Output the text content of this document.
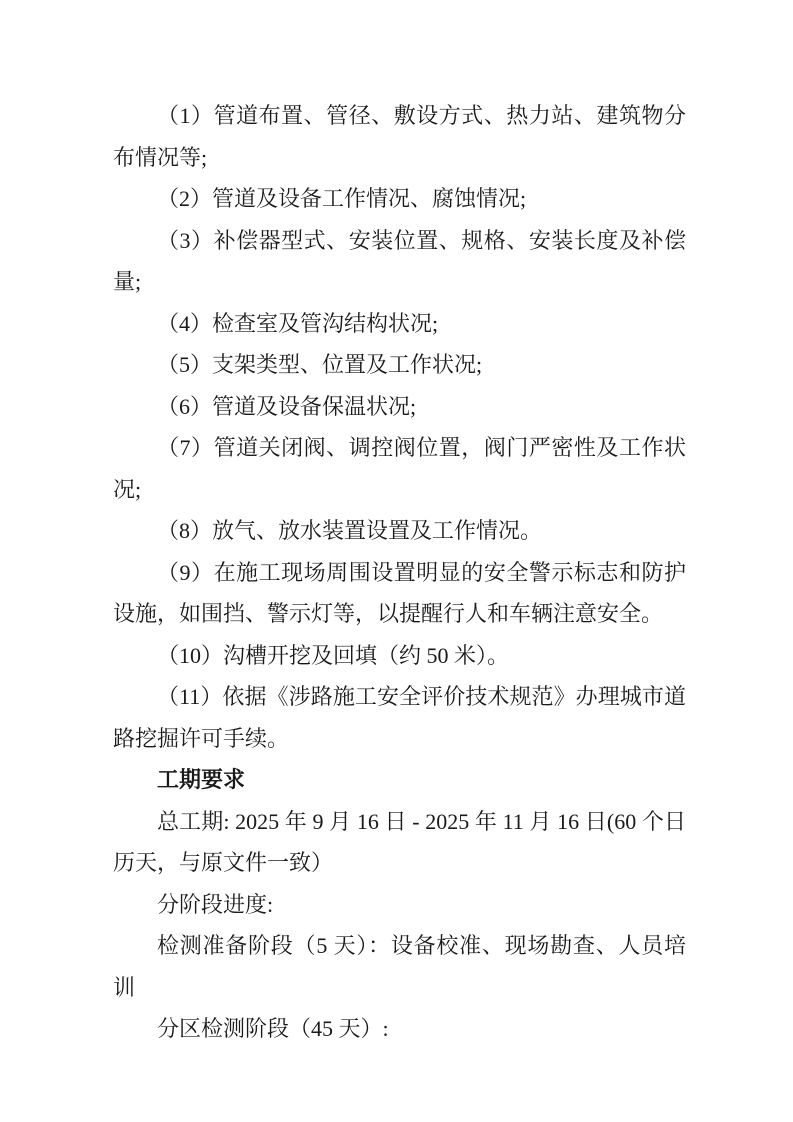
（1）管道布置、管径、敷设方式、热力站、建筑物分布情况等;

（2）管道及设备工作情况、腐蚀情况;

（3）补偿器型式、安装位置、规格、安装长度及补偿量;

（4）检查室及管沟结构状况;

（5）支架类型、位置及工作状况;

（6）管道及设备保温状况;

（7）管道关闭阀、调控阀位置，阀门严密性及工作状况;

（8）放气、放水装置设置及工作情况。

（9）在施工现场周围设置明显的安全警示标志和防护设施，如围挡、警示灯等，以提醒行人和车辆注意安全。

（10）沟槽开挖及回填（约 50 米）。

（11）依据《涉路施工安全评价技术规范》办理城市道路挖掘许可手续。

工期要求

总工期: 2025 年 9 月 16 日 - 2025 年 11 月 16 日(60 个日历天，与原文件一致）

分阶段进度:

检测准备阶段（5 天）：设备校准、现场勘查、人员培训

分区检测阶段（45 天）:
